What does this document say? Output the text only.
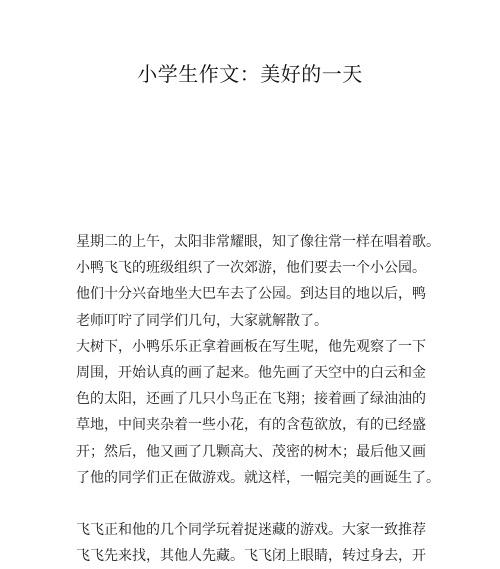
小学生作文：美好的一天
星期二的上午，太阳非常耀眼，知了像往常一样在唱着歌。
小鸭飞飞的班级组织了一次郊游，他们要去一个小公园。
他们十分兴奋地坐大巴车去了公园。到达目的地以后，鸭
老师叮咛了同学们几句，大家就解散了。
大树下，小鸭乐乐正拿着画板在写生呢，他先观察了一下
周围，开始认真的画了起来。他先画了天空中的白云和金
色的太阳，还画了几只小鸟正在飞翔；接着画了绿油油的
草地，中间夹杂着一些小花，有的含苞欲放，有的已经盛
开；然后，他又画了几颗高大、茂密的树木；最后他又画
了他的同学们正在做游戏。就这样，一幅完美的画诞生了。
飞飞正和他的几个同学玩着捉迷藏的游戏。大家一致推荐
飞飞先来找，其他人先藏。飞飞闭上眼睛，转过身去，开
